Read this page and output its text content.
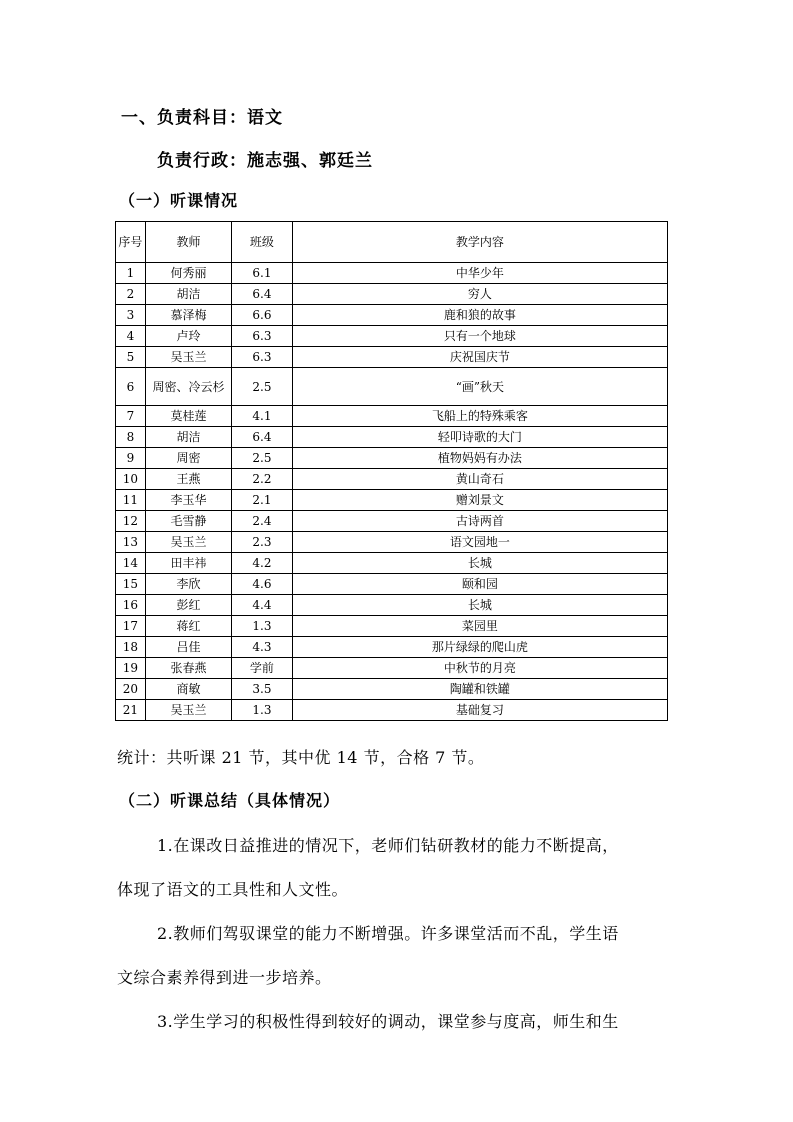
一、负责科目：语文
负责行政：施志强、郭廷兰
（一）听课情况
序号	教师	班级	教学内容
1	何秀丽	6.1	中华少年
2	胡洁	6.4	穷人
3	慕泽梅	6.6	鹿和狼的故事
4	卢玲	6.3	只有一个地球
5	吴玉兰	6.3	庆祝国庆节
6	周密、冷云杉	2.5	“画”秋天
7	莫桂莲	4.1	飞船上的特殊乘客
8	胡洁	6.4	轻叩诗歌的大门
9	周密	2.5	植物妈妈有办法
10	王燕	2.2	黄山奇石
11	李玉华	2.1	赠刘景文
12	毛雪静	2.4	古诗两首
13	吴玉兰	2.3	语文园地一
14	田丰祎	4.2	长城
15	李欣	4.6	颐和园
16	彭红	4.4	长城
17	蒋红	1.3	菜园里
18	吕佳	4.3	那片绿绿的爬山虎
19	张春燕	学前	中秋节的月亮
20	商敏	3.5	陶罐和铁罐
21	吴玉兰	1.3	基础复习
统计：共听课 21 节，其中优 14 节，合格 7 节。
（二）听课总结（具体情况）

1.在课改日益推进的情况下，老师们钻研教材的能力不断提高，

体现了语文的工具性和人文性。

2.教师们驾驭课堂的能力不断增强。许多课堂活而不乱，学生语

文综合素养得到进一步培养。

3.学生学习的积极性得到较好的调动，课堂参与度高，师生和生
